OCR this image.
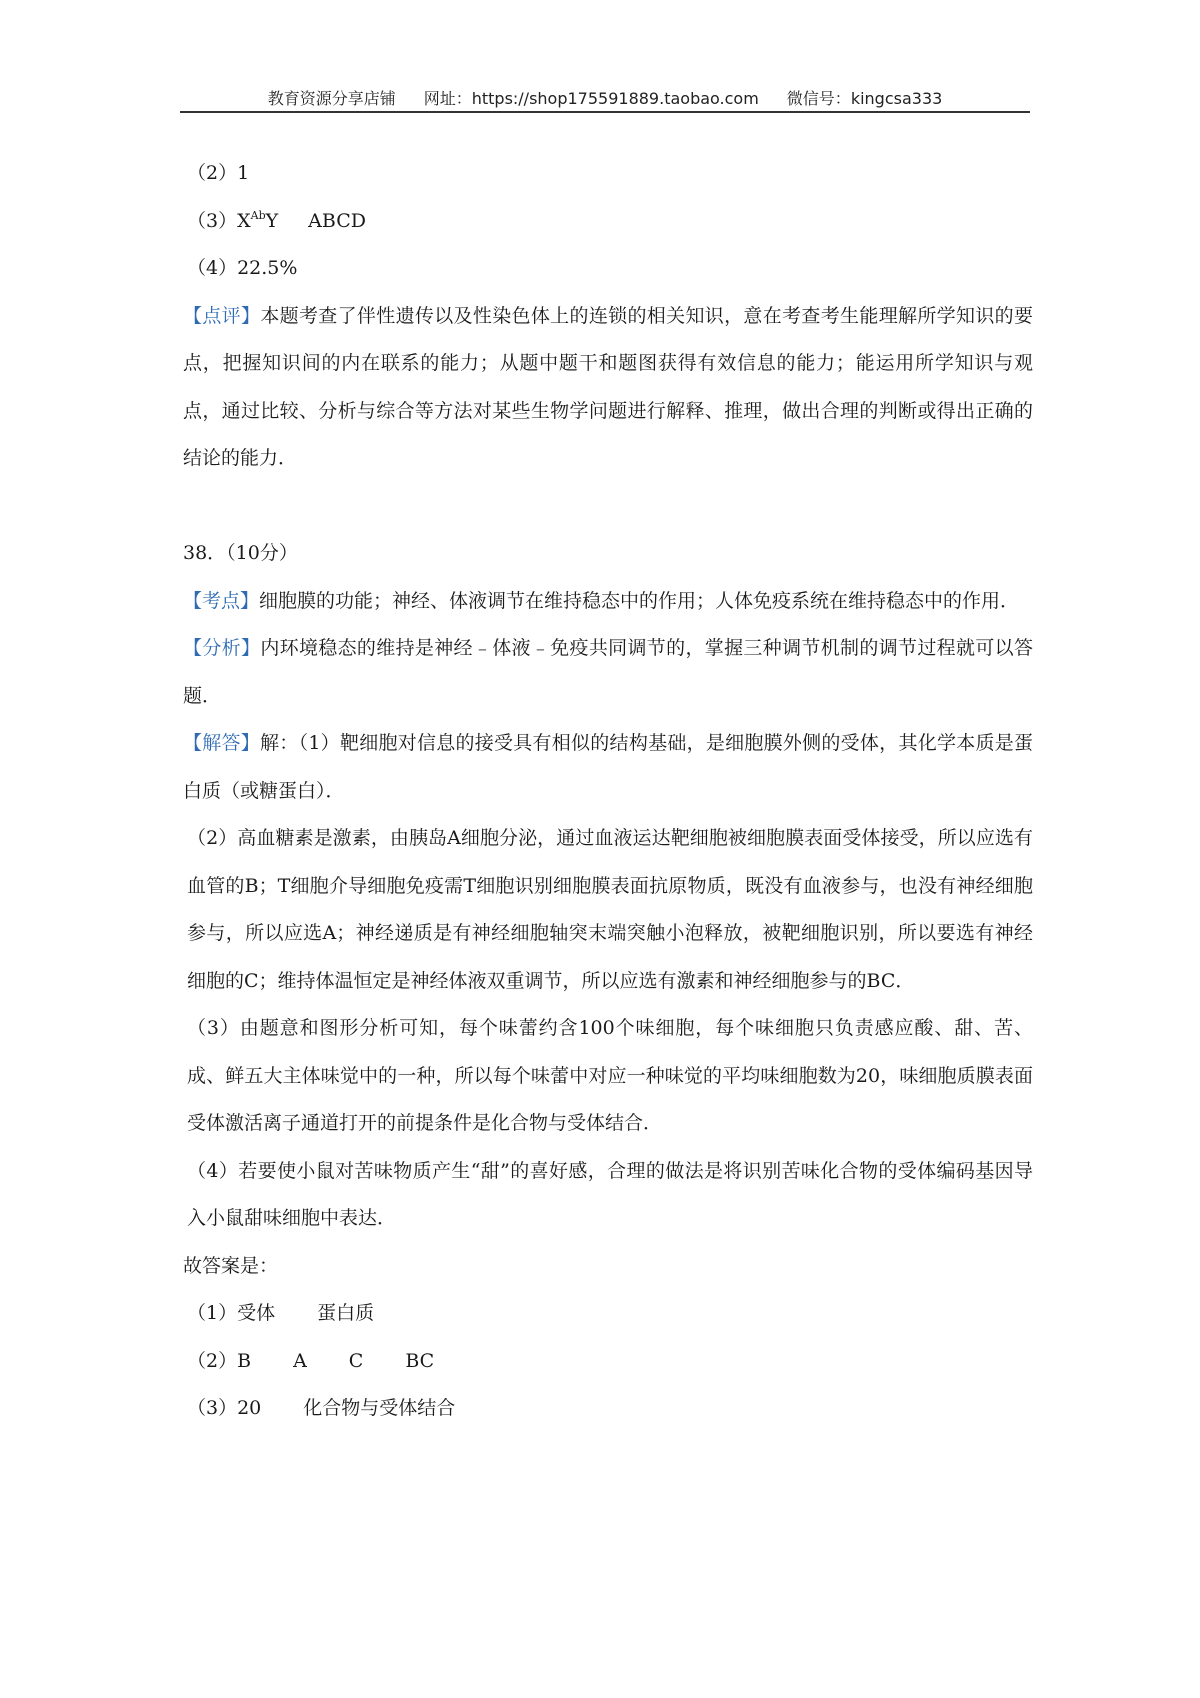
教育资源分享店铺 网址：https://shop175591889.taobao.com 微信号：kingcsa333
（2）1
$(3)X^{Ab}Y$ ABCD
（4）22.5%
【点评】本题考查了伴性遗传以及性染色体上的连锁的相关知识，意在考查考生能理解所学知识的要点，把握知识间的内在联系的能力；从题中题干和题图获得有效信息的能力；能运用所学知识与观点，通过比较、分析与综合等方法对某些生物学问题进行解释、推理，做出合理的判断或得出正确的结论的能力．
38．（10分）
【考点】细胞膜的功能；神经、体液调节在维持稳态中的作用；人体免疫系统在维持稳态中的作用．
【分析】内环境稳态的维持是神经﹣体液﹣免疫共同调节的，掌握三种调节机制的调节过程就可以答题．
【解答】解：（1）靶细胞对信息的接受具有相似的结构基础，是细胞膜外侧的受体，其化学本质是蛋白质（或糖蛋白）．
（2）高血糖素是激素，由胰岛A细胞分泌，通过血液运达靶细胞被细胞膜表面受体接受，所以应选有血管的B；T细胞介导细胞免疫需T细胞识别细胞膜表面抗原物质，既没有血液参与，也没有神经细胞参与，所以应选A；神经递质是有神经细胞轴突末端突触小泡释放，被靶细胞识别，所以要选有神经细胞的C；维持体温恒定是神经体液双重调节，所以应选有激素和神经细胞参与的BC．
（3）由题意和图形分析可知，每个味蕾约含100个味细胞，每个味细胞只负责感应酸、甜、苦、成、鲜五大主体味觉中的一种，所以每个味蕾中对应一种味觉的平均味细胞数为20，味细胞质膜表面受体激活离子通道打开的前提条件是化合物与受体结合．
（4）若要使小鼠对苦味物质产生“甜”的喜好感，合理的做法是将识别苦味化合物的受体编码基因导入小鼠甜味细胞中表达．
故答案是：
（1）受体 蛋白质
（2）B A C BC
（3）20 化合物与受体结合
